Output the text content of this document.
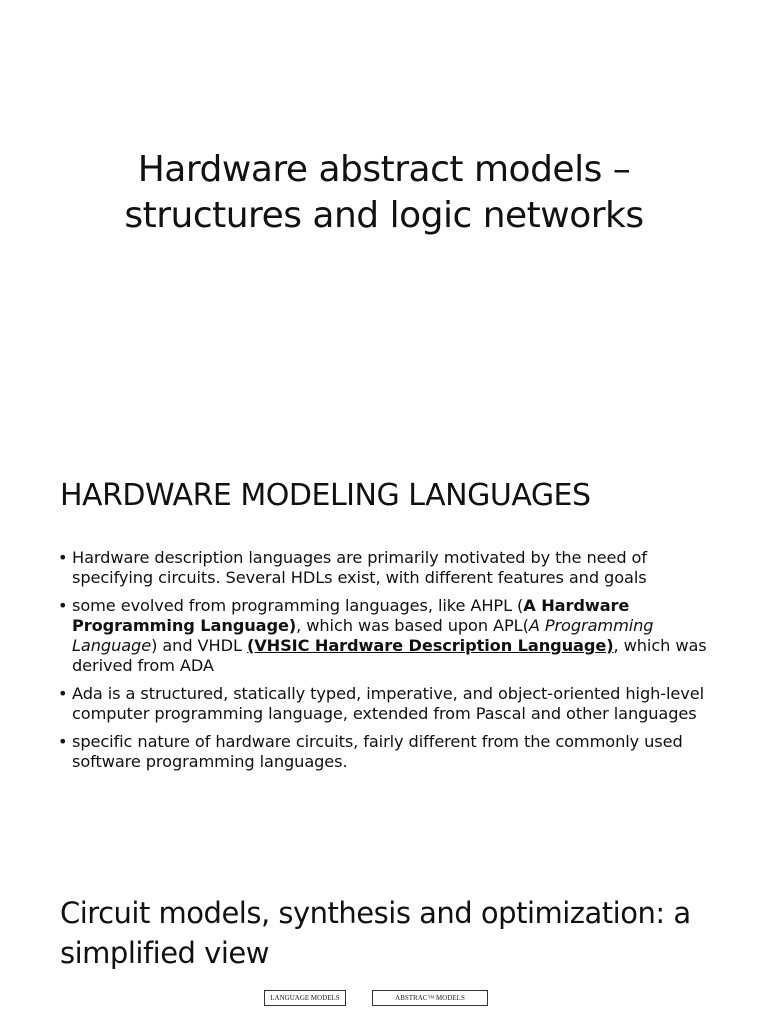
Hardware abstract models –
structures and logic networks
HARDWARE MODELING LANGUAGES
• Hardware description languages are primarily motivated by the need of specifying circuits. Several HDLs exist, with different features and goals
• some evolved from programming languages, like AHPL (A Hardware Programming Language), which was based upon APL(A Programming Language) and VHDL (VHSIC Hardware Description Language), which was derived from ADA
• Ada is a structured, statically typed, imperative, and object-oriented high-level computer programming language, extended from Pascal and other languages
• specific nature of hardware circuits, fairly different from the commonly used software programming languages.
Circuit models, synthesis and optimization: a
simplified view
LANGUAGE MODELS	ABSTRAC™ MODELS
